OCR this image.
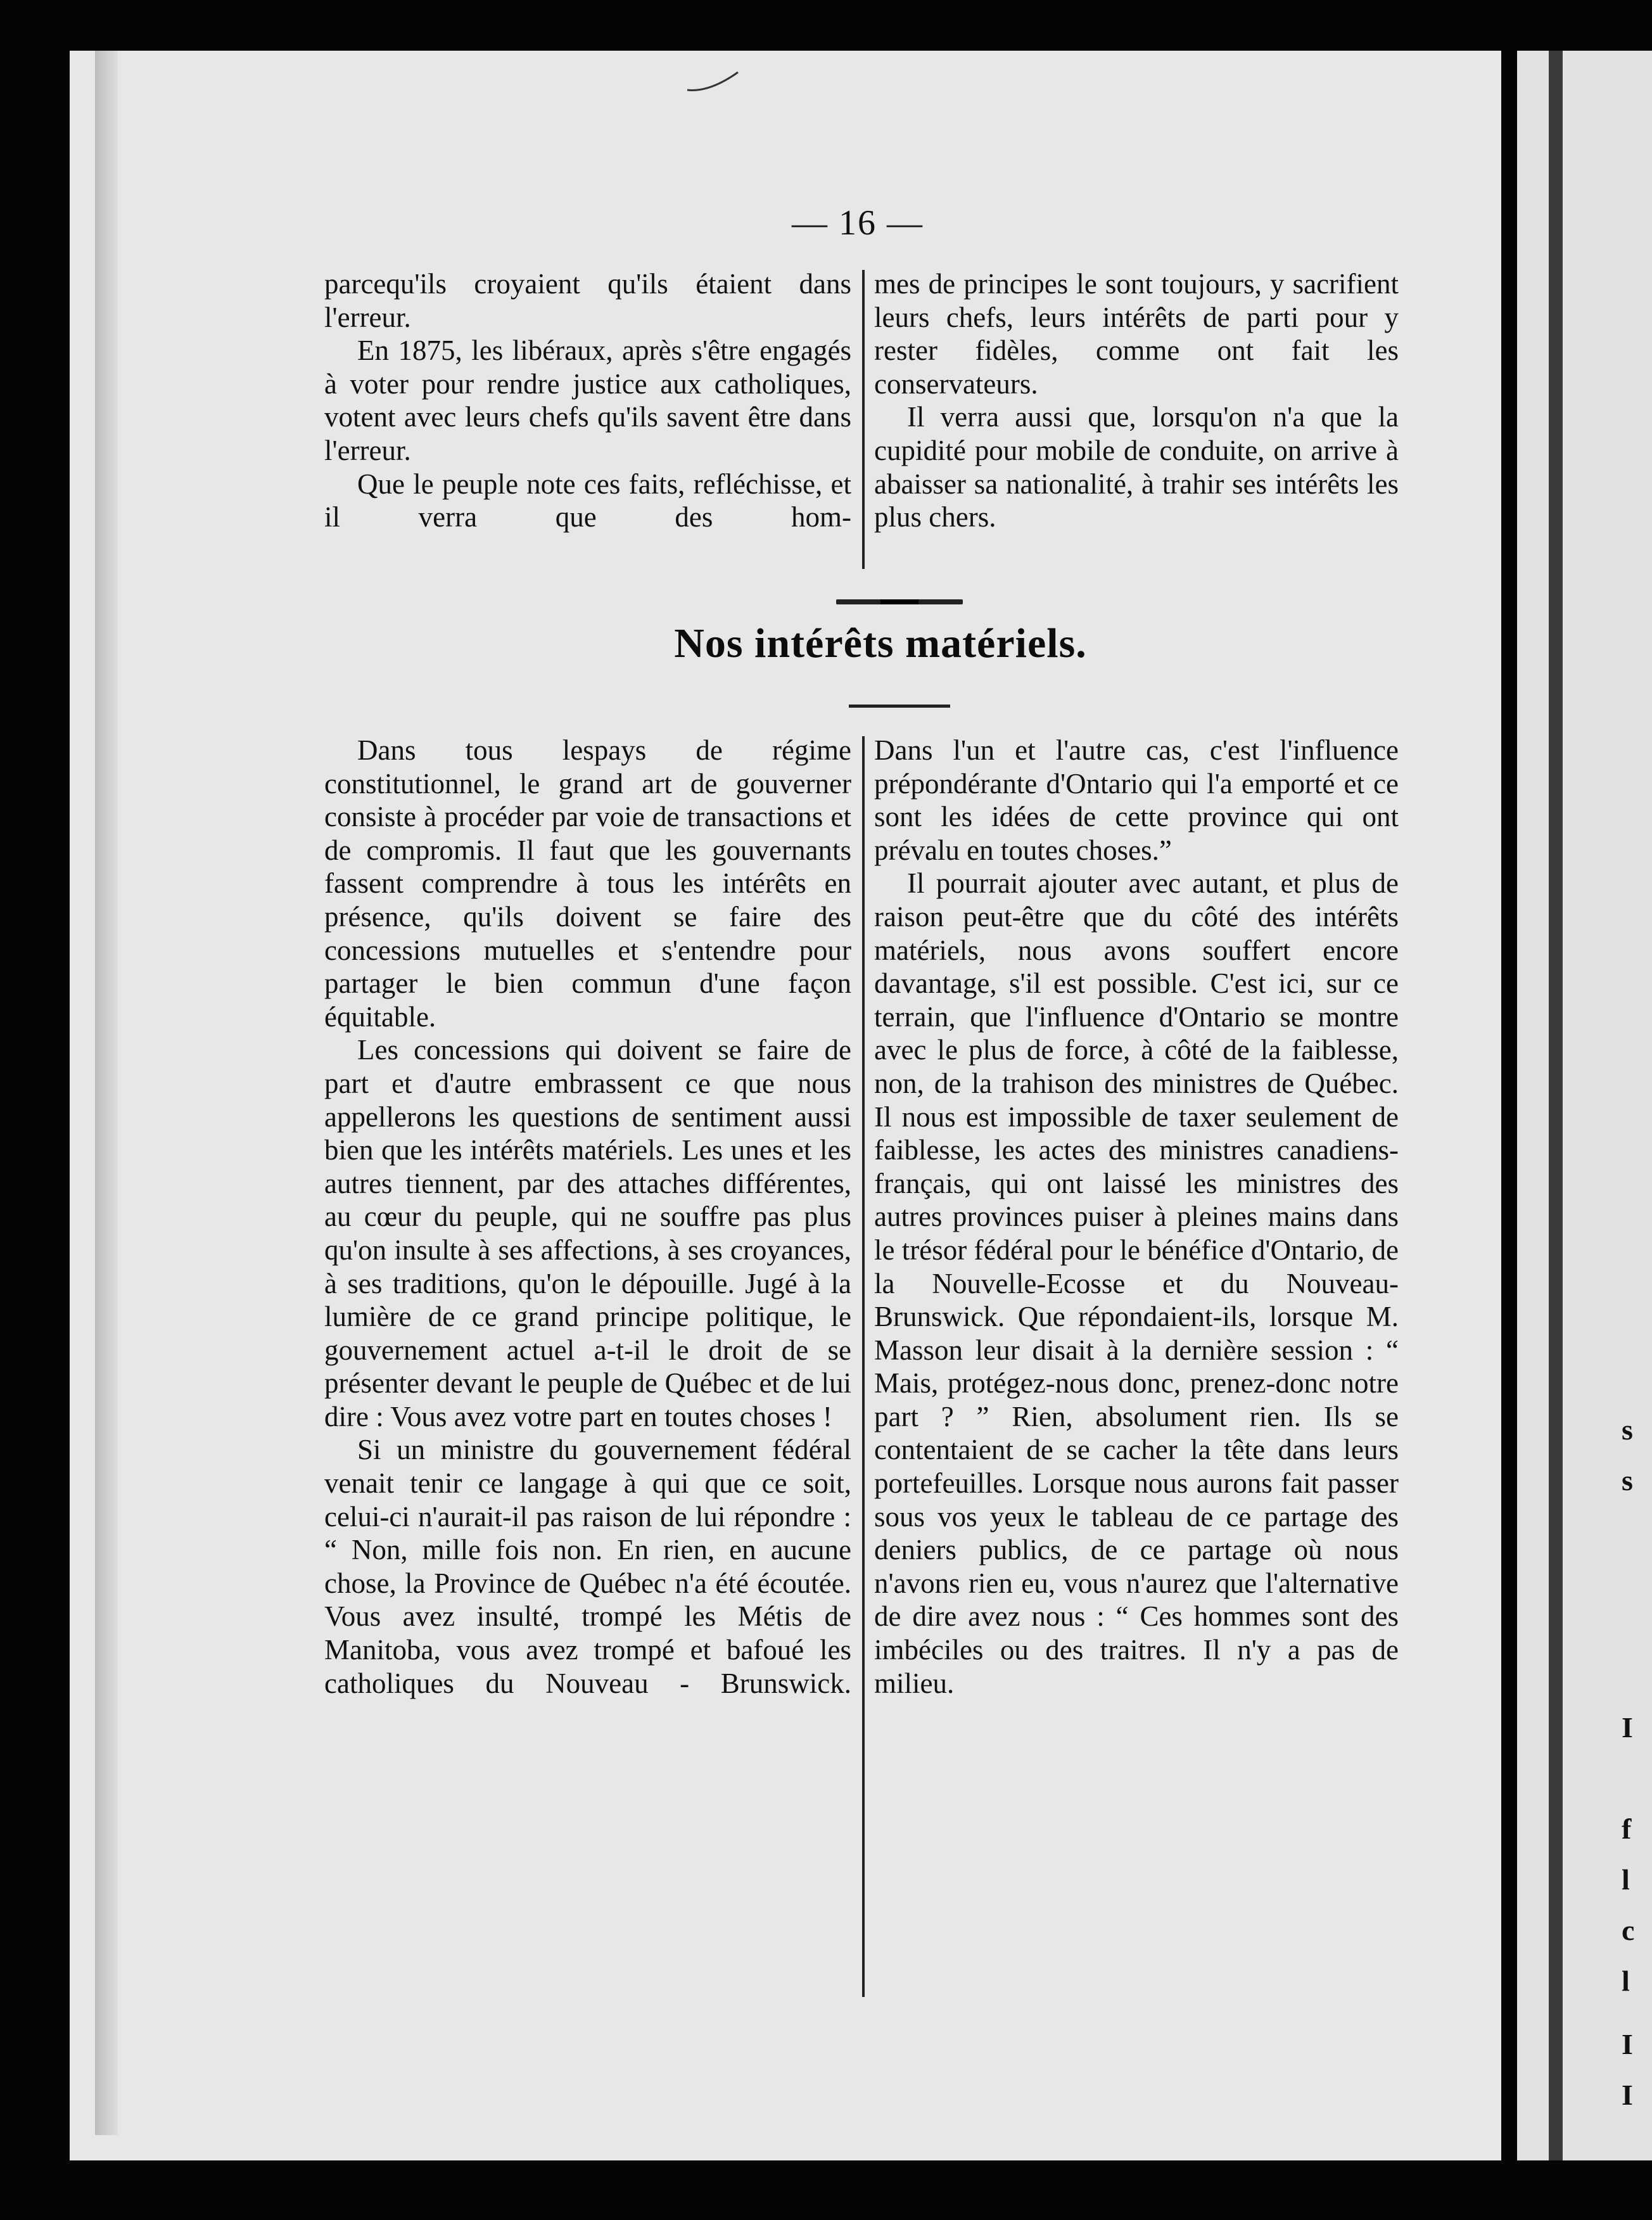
— 16 —

parcequ'ils croyaient qu'ils étaient dans l'erreur.

En 1875, les libéraux, après s'être engagés à voter pour rendre justice aux catholiques, votent avec leurs chefs qu'ils savent être dans l'erreur.

Que le peuple note ces faits, refléchisse, et il verra que des hom-

mes de principes le sont toujours, y sacrifient leurs chefs, leurs intérêts de parti pour y rester fidèles, comme ont fait les conservateurs.

Il verra aussi que, lorsqu'on n'a que la cupidité pour mobile de conduite, on arrive à abaisser sa nationalité, à trahir ses intérêts les plus chers.

Nos intérêts matériels.

Dans tous lespays de régime constitutionnel, le grand art de gouverner consiste à procéder par voie de transactions et de compromis. Il faut que les gouvernants fassent comprendre à tous les intérêts en présence, qu'ils doivent se faire des concessions mutuelles et s'entendre pour partager le bien commun d'une façon équitable.

Les concessions qui doivent se faire de part et d'autre embrassent ce que nous appellerons les questions de sentiment aussi bien que les intérêts matériels. Les unes et les autres tiennent, par des attaches différentes, au cœur du peuple, qui ne souffre pas plus qu'on insulte à ses affections, à ses croyances, à ses traditions, qu'on le dépouille. Jugé à la lumière de ce grand principe politique, le gouvernement actuel a-t-il le droit de se présenter devant le peuple de Québec et de lui dire : Vous avez votre part en toutes choses !

Si un ministre du gouvernement fédéral venait tenir ce langage à qui que ce soit, celui-ci n'aurait-il pas raison de lui répondre : “ Non, mille fois non. En rien, en aucune chose, la Province de Québec n'a été écoutée. Vous avez insulté, trompé les Métis de Manitoba, vous avez trompé et bafoué les catholiques du Nouveau - Brunswick.

Dans l'un et l'autre cas, c'est l'influence prépondérante d'Ontario qui l'a emporté et ce sont les idées de cette province qui ont prévalu en toutes choses.”

Il pourrait ajouter avec autant, et plus de raison peut-être que du côté des intérêts matériels, nous avons souffert encore davantage, s'il est possible. C'est ici, sur ce terrain, que l'influence d'Ontario se montre avec le plus de force, à côté de la faiblesse, non, de la trahison des ministres de Québec. Il nous est impossible de taxer seulement de faiblesse, les actes des ministres canadiens-français, qui ont laissé les ministres des autres provinces puiser à pleines mains dans le trésor fédéral pour le bénéfice d'Ontario, de la Nouvelle-Ecosse et du Nouveau-Brunswick. Que répondaient-ils, lorsque M. Masson leur disait à la dernière session : “ Mais, protégez-nous donc, prenez-donc notre part ? ” Rien, absolument rien. Ils se contentaient de se cacher la tête dans leurs portefeuilles. Lorsque nous aurons fait passer sous vos yeux le tableau de ce partage des deniers publics, de ce partage où nous n'avons rien eu, vous n'aurez que l'alternative de dire avez nous : “ Ces hommes sont des imbéciles ou des traitres. Il n'y a pas de milieu.

s
s
I
f
l
c
l
I
I
